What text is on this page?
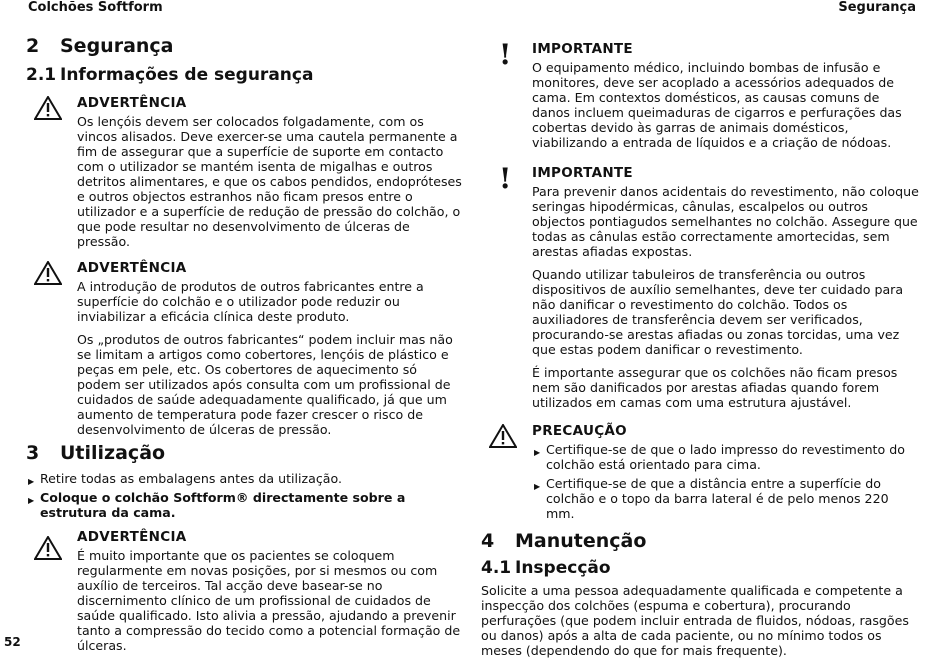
Colchões Softform	Segurança
2	Segurança
2.1 Informações de segurança
ADVERTÊNCIA

Os lençóis devem ser colocados folgadamente, com os vincos alisados. Deve exercer-se uma cautela permanente a fim de assegurar que a superfície de suporte em contacto com o utilizador se mantém isenta de migalhas e outros detritos alimentares, e que os cabos pendidos, endopróteses e outros objectos estranhos não ficam presos entre o utilizador e a superfície de redução de pressão do colchão, o que pode resultar no desenvolvimento de úlceras de pressão.

ADVERTÊNCIA

A introdução de produtos de outros fabricantes entre a superfície do colchão e o utilizador pode reduzir ou inviabilizar a eficácia clínica deste produto.

Os „produtos de outros fabricantes“ podem incluir mas não se limitam a artigos como cobertores, lençóis de plástico e peças em pele, etc. Os cobertores de aquecimento só podem ser utilizados após consulta com um profissional de cuidados de saúde adequadamente qualificado, já que um aumento de temperatura pode fazer crescer o risco de desenvolvimento de úlceras de pressão.

3	Utilização
▶ Retire todas as embalagens antes da utilização.
▶ Coloque o colchão Softform® directamente sobre a estrutura da cama.
ADVERTÊNCIA

É muito importante que os pacientes se coloquem regularmente em novas posições, por si mesmos ou com auxílio de terceiros. Tal acção deve basear-se no discernimento clínico de um profissional de cuidados de saúde qualificado. Isto alivia a pressão, ajudando a prevenir tanto a compressão do tecido como a potencial formação de úlceras.

! IMPORTANTE

O equipamento médico, incluindo bombas de infusão e monitores, deve ser acoplado a acessórios adequados de cama. Em contextos domésticos, as causas comuns de danos incluem queimaduras de cigarros e perfurações das cobertas devido às garras de animais domésticos, viabilizando a entrada de líquidos e a criação de nódoas.

! IMPORTANTE

Para prevenir danos acidentais do revestimento, não coloque seringas hipodérmicas, cânulas, escalpelos ou outros objectos pontiagudos semelhantes no colchão. Assegure que todas as cânulas estão correctamente amortecidas, sem arestas afiadas expostas.

Quando utilizar tabuleiros de transferência ou outros dispositivos de auxílio semelhantes, deve ter cuidado para não danificar o revestimento do colchão. Todos os auxiliadores de transferência devem ser verificados, procurando-se arestas afiadas ou zonas torcidas, uma vez que estas podem danificar o revestimento.

É importante assegurar que os colchões não ficam presos nem são danificados por arestas afiadas quando forem utilizados em camas com uma estrutura ajustável.

PRECAUÇÃO
▶ Certifique-se de que o lado impresso do revestimento do colchão está orientado para cima.
▶ Certifique-se de que a distância entre a superfície do colchão e o topo da barra lateral é de pelo menos 220 mm.
4	Manutenção
4.1 Inspecção

Solicite a uma pessoa adequadamente qualificada e competente a inspecção dos colchões (espuma e cobertura), procurando perfurações (que podem incluir entrada de fluidos, nódoas, rasgões ou danos) após a alta de cada paciente, ou no mínimo todos os meses (dependendo do que for mais frequente).

52
